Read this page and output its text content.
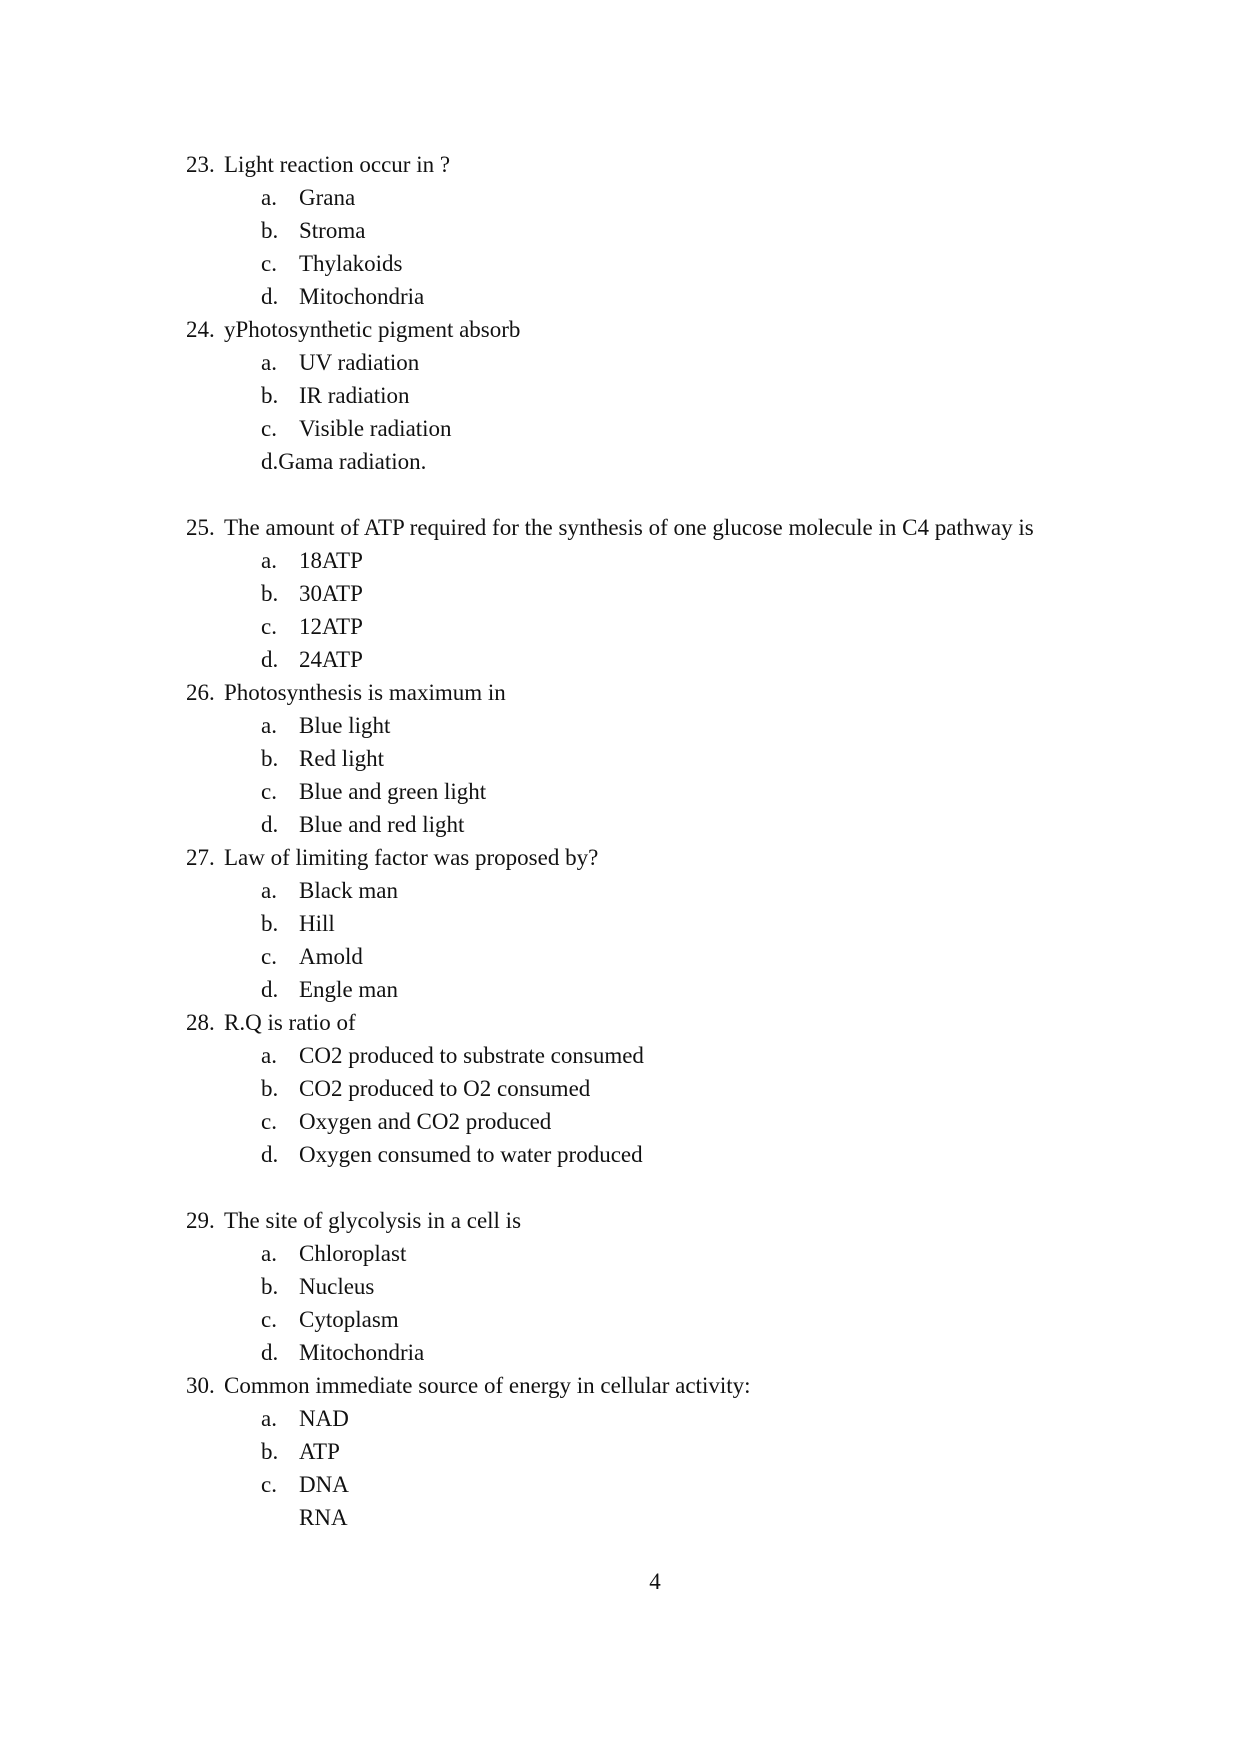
23. Light reaction occur in ?
a. Grana
b. Stroma
c. Thylakoids
d. Mitochondria
24. yPhotosynthetic pigment absorb
a. UV radiation
b. IR radiation
c. Visible radiation
d. Gama radiation.
25. The amount of ATP required for the synthesis of one glucose molecule in C4 pathway is
a. 18ATP
b. 30ATP
c. 12ATP
d. 24ATP
26. Photosynthesis is maximum in
a. Blue light
b. Red light
c. Blue and green light
d. Blue and red light
27. Law of limiting factor was proposed by?
a. Black man
b. Hill
c. Amold
d. Engle man
28. R.Q is ratio of
a. CO2 produced to substrate consumed
b. CO2 produced to O2 consumed
c. Oxygen and CO2 produced
d. Oxygen consumed to water produced
29. The site of glycolysis in a cell is
a. Chloroplast
b. Nucleus
c. Cytoplasm
d. Mitochondria
30. Common immediate source of energy in cellular activity:
a. NAD
b. ATP
c. DNA
RNA
4
